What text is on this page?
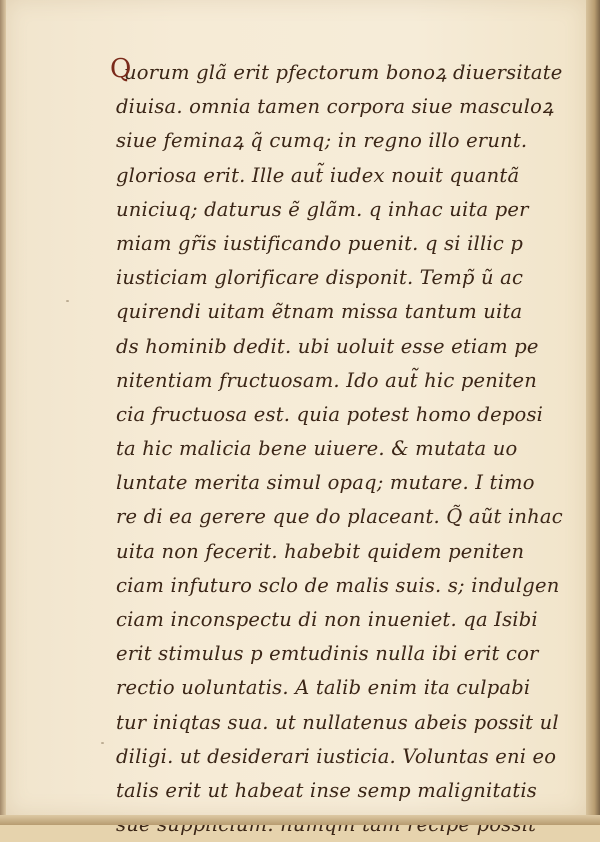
Q
uorum glã erit pfectorum bonoꝝ diuersitate
diuisa. omnia tamen corpora siue masculoꝝ
siue feminaꝝ q̃ cumq; in regno illo erunt.
gloriosa erit. Ille aut̃ iudex nouit quantã
uniciuq; daturus ẽ glãm. q inhac uita per
miam gr̃is iustificando puenit. q si illic p
iusticiam glorificare disponit. Temp̃ ũ ac
quirendi uitam ẽtnam missa tantum uita
ds hominib dedit. ubi uoluit esse etiam pe
nitentiam fructuosam. Ido aut̃ hic peniten
cia fructuosa est. quia potest homo deposi
ta hic malicia bene uiuere. & mutata uo
luntate merita simul opaq; mutare. I timo
re di ea gerere que do placeant. Q̃ aũt inhac
uita non fecerit. habebit quidem peniten
ciam infuturo sclo de malis suis. s; indulgen
ciam inconspectu di non inueniet. qa Isibi
erit stimulus p emtudinis nulla ibi erit cor
rectio uoluntatis. A talib enim ita culpabi
tur iniqtas sua. ut nullatenus abeis possit ul
diligi. ut desiderari iusticia. Voluntas eni eo
talis erit ut habeat inse semp malignitatis
